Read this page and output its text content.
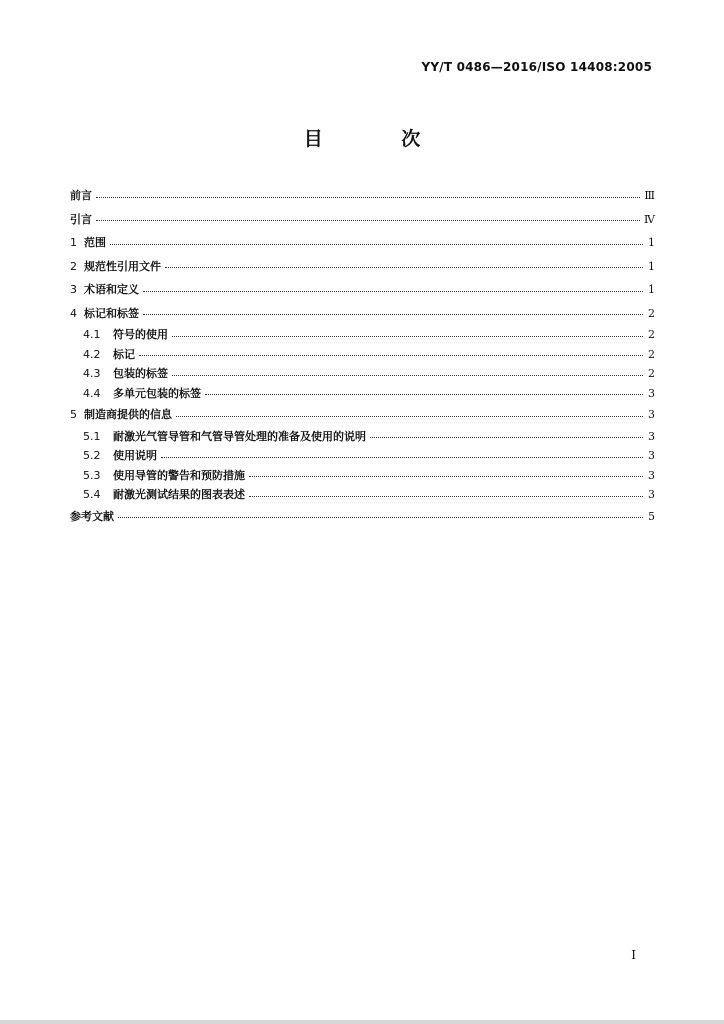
YY/T 0486—2016/ISO 14408:2005
目 次
前言	Ⅲ
引言	Ⅳ
1 范围	1
2 规范性引用文件	1
3 术语和定义	1
4 标记和标签	2
4.1	符号的使用	2
4.2	标记	2
4.3	包装的标签	2
4.4	多单元包装的标签	3
5 制造商提供的信息	3
5.1	耐激光气管导管和气管导管处理的准备及使用的说明	3
5.2	使用说明	3
5.3	使用导管的警告和预防措施	3
5.4	耐激光测试结果的图表表述	3
参考文献	5
I
